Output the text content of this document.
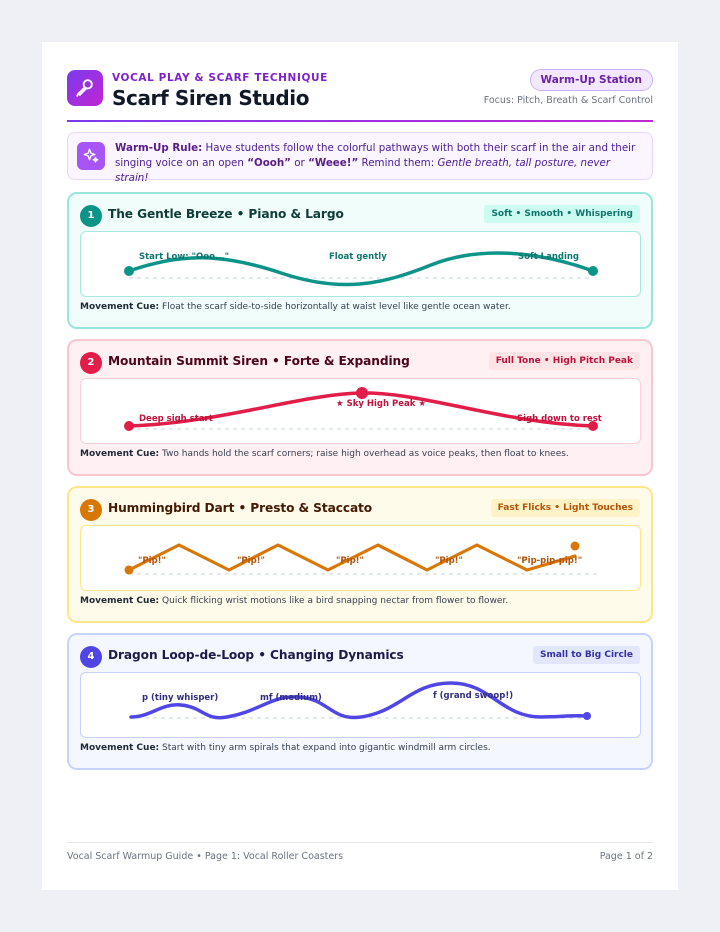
VOCAL PLAY & SCARF TECHNIQUE
Scarf Siren Studio
Warm-Up Station
Focus: Pitch, Breath & Scarf Control
Warm-Up Rule: Have students follow the colorful pathways with both their scarf in the air and their singing voice on an open “Oooh” or “Weee!” Remind them: Gentle breath, tall posture, never strain!
1	The Gentle Breeze • Piano & Largo	Soft • Smooth • Whispering
Start Low: "Ooo..."	Float gently	Soft Landing
Movement Cue: Float the scarf side-to-side horizontally at waist level like gentle ocean water.
2	Mountain Summit Siren • Forte & Expanding	Full Tone • High Pitch Peak
Deep sigh start
★ Sky High Peak ★
Sigh down to rest
Movement Cue: Two hands hold the scarf corners; raise high overhead as voice peaks, then float to knees.
3	Hummingbird Dart • Presto & Staccato	Fast Flicks • Light Touches
"Pip!"	"Pip!"	"Pip!"	"Pip!"	"Pip-pip-pip!"
Movement Cue: Quick flicking wrist motions like a bird snapping nectar from flower to flower.
4	Dragon Loop-de-Loop • Changing Dynamics	Small to Big Circle
p (tiny whisper)	mf (medium)	f (grand swoop!)
Movement Cue: Start with tiny arm spirals that expand into gigantic windmill arm circles.
Vocal Scarf Warmup Guide • Page 1: Vocal Roller Coasters	Page 1 of 2
